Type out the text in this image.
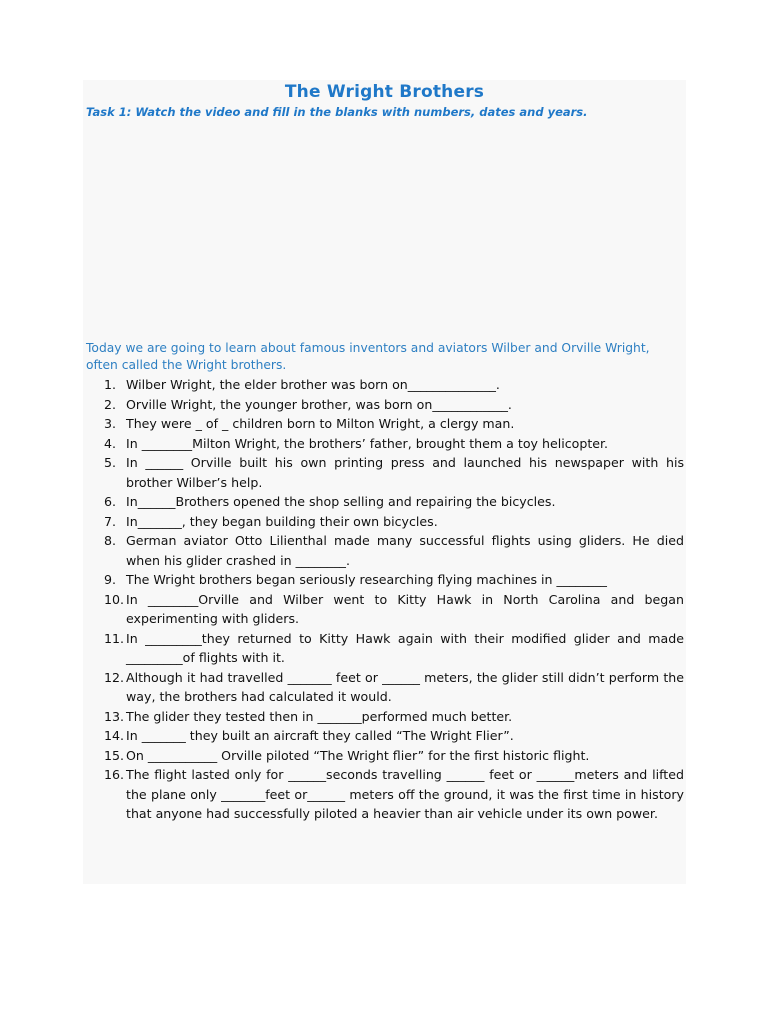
The Wright Brothers
Task 1: Watch the video and fill in the blanks with numbers, dates and years.
Today we are going to learn about famous inventors and aviators Wilber and Orville Wright, often called the Wright brothers.
1. Wilber Wright, the elder brother was born on______________.
2. Orville Wright, the younger brother, was born on____________.
3. They were _ of _ children born to Milton Wright, a clergy man.
4. In ________Milton Wright, the brothers’ father, brought them a toy helicopter.
5. In ______ Orville built his own printing press and launched his newspaper with his brother Wilber’s help.
6. In______Brothers opened the shop selling and repairing the bicycles.
7. In_______, they began building their own bicycles.
8. German aviator Otto Lilienthal made many successful flights using gliders. He died when his glider crashed in ________.
9. The Wright brothers began seriously researching flying machines in ________
10. In ________Orville and Wilber went to Kitty Hawk in North Carolina and began experimenting with gliders.
11. In _________they returned to Kitty Hawk again with their modified glider and made _________of flights with it.
12. Although it had travelled _______ feet or ______ meters, the glider still didn’t perform the way, the brothers had calculated it would.
13. The glider they tested then in _______performed much better.
14. In _______ they built an aircraft they called “The Wright Flier”.
15. On ___________ Orville piloted “The Wright flier” for the first historic flight.
16. The flight lasted only for ______seconds travelling ______ feet or ______meters and lifted the plane only _______feet or______ meters off the ground, it was the first time in history that anyone had successfully piloted a heavier than air vehicle under its own power.
